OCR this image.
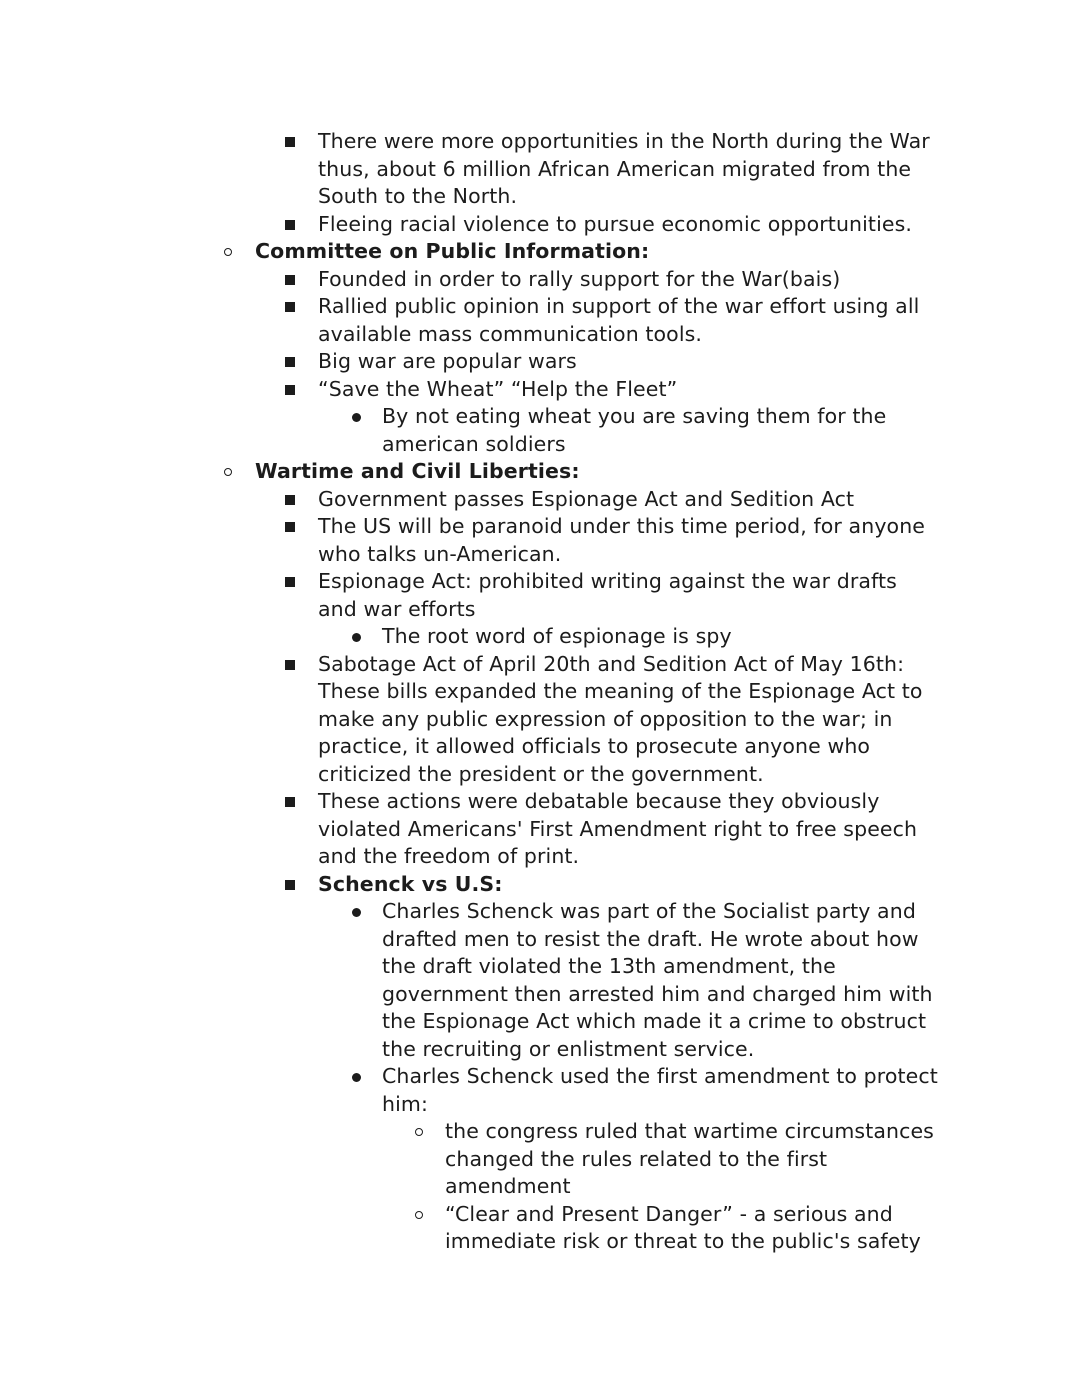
There were more opportunities in the North during the War
thus, about 6 million African American migrated from the
South to the North.
Fleeing racial violence to pursue economic opportunities.
Committee on Public Information:
Founded in order to rally support for the War(bais)
Rallied public opinion in support of the war effort using all
available mass communication tools.
Big war are popular wars
“Save the Wheat” “Help the Fleet”
By not eating wheat you are saving them for the
american soldiers
Wartime and Civil Liberties:
Government passes Espionage Act and Sedition Act
The US will be paranoid under this time period, for anyone
who talks un-American.
Espionage Act: prohibited writing against the war drafts
and war efforts
The root word of espionage is spy
Sabotage Act of April 20th and Sedition Act of May 16th:
These bills expanded the meaning of the Espionage Act to
make any public expression of opposition to the war; in
practice, it allowed officials to prosecute anyone who
criticized the president or the government.
These actions were debatable because they obviously
violated Americans' First Amendment right to free speech
and the freedom of print.
Schenck vs U.S:
Charles Schenck was part of the Socialist party and
drafted men to resist the draft. He wrote about how
the draft violated the 13th amendment, the
government then arrested him and charged him with
the Espionage Act which made it a crime to obstruct
the recruiting or enlistment service.
Charles Schenck used the first amendment to protect
him:
the congress ruled that wartime circumstances
changed the rules related to the first
amendment
“Clear and Present Danger” - a serious and
immediate risk or threat to the public's safety
